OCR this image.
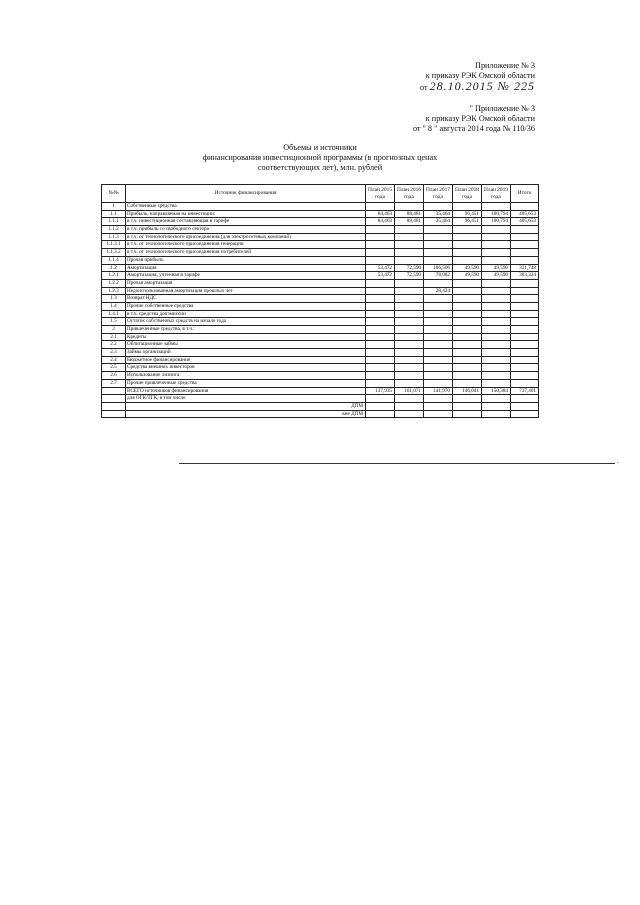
Приложение № 3
к приказу РЭК Омской области
от 28.10.2015 № 225
" Приложение № 3
к приказу РЭК Омской области
от " 8 " августа 2014 года № 110/36
Объемы и источники
финансирования инвестиционной программы (в прогнозных ценах
соответствующих лет), млн. рублей
№№	Источник финансирования	План 2015 года	План 2016 года	План 2017 года	План 2018 года	План 2019 года	Итого
1	Собственные средства						
1.1	Прибыль, направляемая на инвестиции:	84,463	88,481	35,464	96,451	100,794	405,653
1.1.1	в т.ч. инвестиционная составляющая в тарифе	84,463	88,481	35,464	96,451	100,794	405,653
1.1.2	в т.ч. прибыль со свободного сектора						
1.1.3	в т.ч. от технологического присоединения (для электросетевых компаний)						
1.1.3.1	в т.ч. от технологического присоединения генерации						
1.1.3.2	в т.ч. от технологического присоединения потребителей						
1.1.4	Прочая прибыль						
1.2	Амортизация	53,472	72,590	106,506	49,590	49,590	331,748
1.2.1	Амортизация, учтенная в тарифе	53,472	72,590	78,082	49,590	49,590	303,324
1.2.2	Прочая амортизация						
1.2.3	Недоиспользованная амортизация прошлых лет			28,424			
1.3	Возврат НДС						
1.4	Прочие собственные средства						
1.4.1	в т.ч. средства допэмиссии						
1.5	Остаток собственных средств на начало года						
2	Привлеченные средства, в т.ч.:						
2.1	Кредиты						
2.2	Облигационные займы						
2.3	Займы организаций						
2.4	Бюджетное финансирование						
2.5	Средства внешних инвесторов						
2.6	Использование лизинга						
2.7	Прочие привлеченные средства						
	ВСЕГО источников финансирования	137,935	161,071	141,970	146,041	150,384	737,401
	для ОГК/ТГК, в том числе						
	ДПМ						
	вне ДПМ						
.
